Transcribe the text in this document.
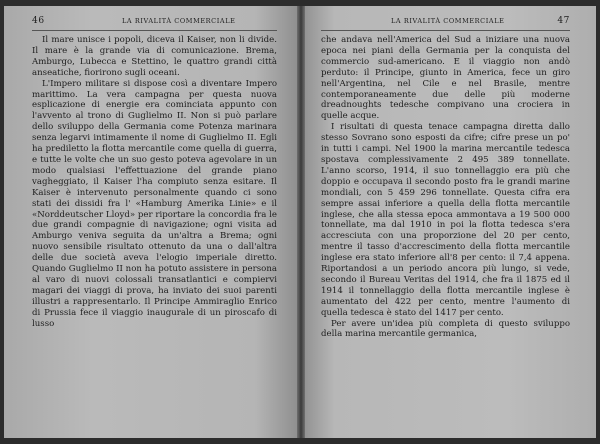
46	LA RIVALITÀ COMMERCIALE

Il mare unisce i popoli, diceva il Kaiser, non li divide. Il mare è la grande via di comunicazione. Brema, Amburgo, Lubecca e Stettino, le quattro grandi città anseatiche, fiorirono sugli oceani.

L'Impero militare si dispose così a diventare Impero marittimo. La vera campagna per questa nuova esplicazione di energie era cominciata appunto con l'avvento al trono di Guglielmo II. Non si può parlare dello sviluppo della Germania come Potenza marinara senza legarvi intimamente il nome di Guglielmo II. Egli ha prediletto la flotta mercantile come quella di guerra, e tutte le volte che un suo gesto poteva agevolare in un modo qualsiasi l'effettuazione del grande piano vagheggiato, il Kaiser l'ha compiuto senza esitare. Il Kaiser è intervenuto personalmente quando ci sono stati dei dissidi fra l' «Hamburg Amerika Linie» e il «Norddeutscher Lloyd» per riportare la concordia fra le due grandi compagnie di navigazione; ogni visita ad Amburgo veniva seguita da un'altra a Brema; ogni nuovo sensibile risultato ottenuto da una o dall'altra delle due società aveva l'elogio imperiale diretto. Quando Guglielmo II non ha potuto assistere in persona al varo di nuovi colossali transatlantici e compiervi magari dei viaggi di prova, ha inviato dei suoi parenti illustri a rappresentarlo. Il Principe Ammiraglio Enrico di Prussia fece il viaggio inaugurale di un piroscafo di lusso

LA RIVALITÀ COMMERCIALE	47

che andava nell'America del Sud a iniziare una nuova epoca nei piani della Germania per la conquista del commercio sud-americano. E il viaggio non andò perduto: il Principe, giunto in America, fece un giro nell'Argentina, nel Cile e nel Brasile, mentre contemporaneamente due delle più moderne dreadnoughts tedesche compivano una crociera in quelle acque.

I risultati di questa tenace campagna diretta dallo stesso Sovrano sono esposti da cifre; cifre prese un po' in tutti i campi. Nel 1900 la marina mercantile tedesca spostava complessivamente 2 495 389 tonnellate. L'anno scorso, 1914, il suo tonnellaggio era più che doppio e occupava il secondo posto fra le grandi marine mondiali, con 5 459 296 tonnellate. Questa cifra era sempre assai inferiore a quella della flotta mercantile inglese, che alla stessa epoca ammontava a 19 500 000 tonnellate, ma dal 1910 in poi la flotta tedesca s'era accresciuta con una proporzione del 20 per cento, mentre il tasso d'accrescimento della flotta mercantile inglese era stato inferiore all'8 per cento: il 7,4 appena. Riportandosi a un periodo ancora più lungo, si vede, secondo il Bureau Veritas del 1914, che fra il 1875 ed il 1914 il tonnellaggio della flotta mercantile inglese è aumentato del 422 per cento, mentre l'aumento di quella tedesca è stato del 1417 per cento.

Per avere un'idea più completa di questo sviluppo della marina mercantile germanica,
